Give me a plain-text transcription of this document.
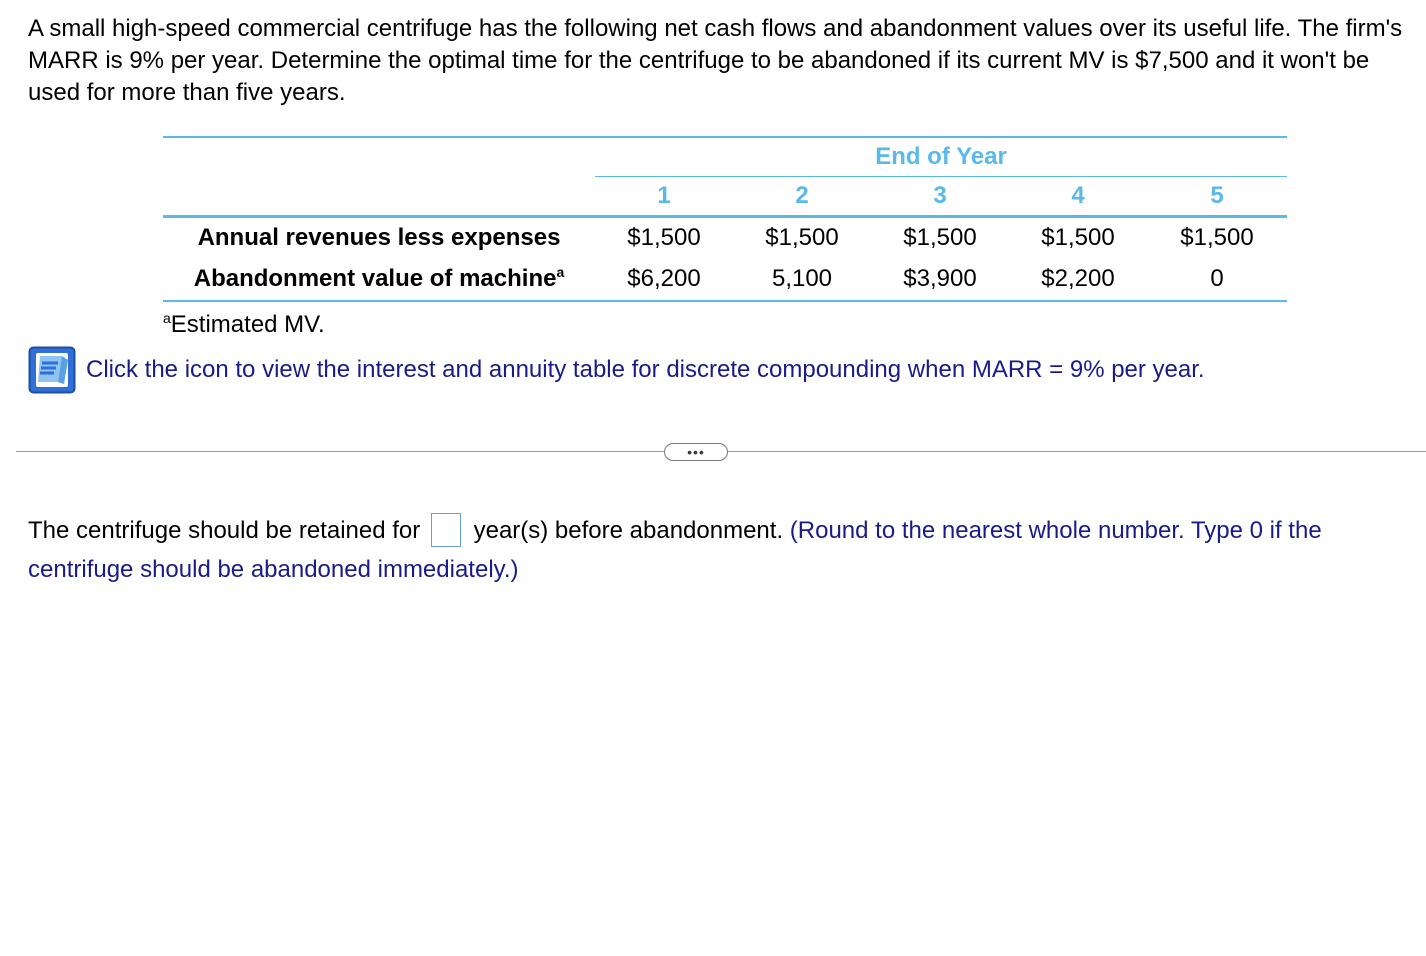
A small high-speed commercial centrifuge has the following net cash flows and abandonment values over its useful life. The firm's MARR is 9% per year. Determine the optimal time for the centrifuge to be abandoned if its current MV is $7,500 and it won't be used for more than five years.

	End of Year				
	1	2	3	4	5
Annual revenues less expenses	$1,500	$1,500	$1,500	$1,500	$1,500
Abandonment value of machine$^a$	$6,200	5,100	$3,900	$2,200	0
$^a$Estimated MV.
Click the icon to view the interest and annuity table for discrete compounding when MARR = 9% per year.
•••
The centrifuge should be retained for year(s) before abandonment. (Round to the nearest whole number. Type 0 if the centrifuge should be abandoned immediately.)
